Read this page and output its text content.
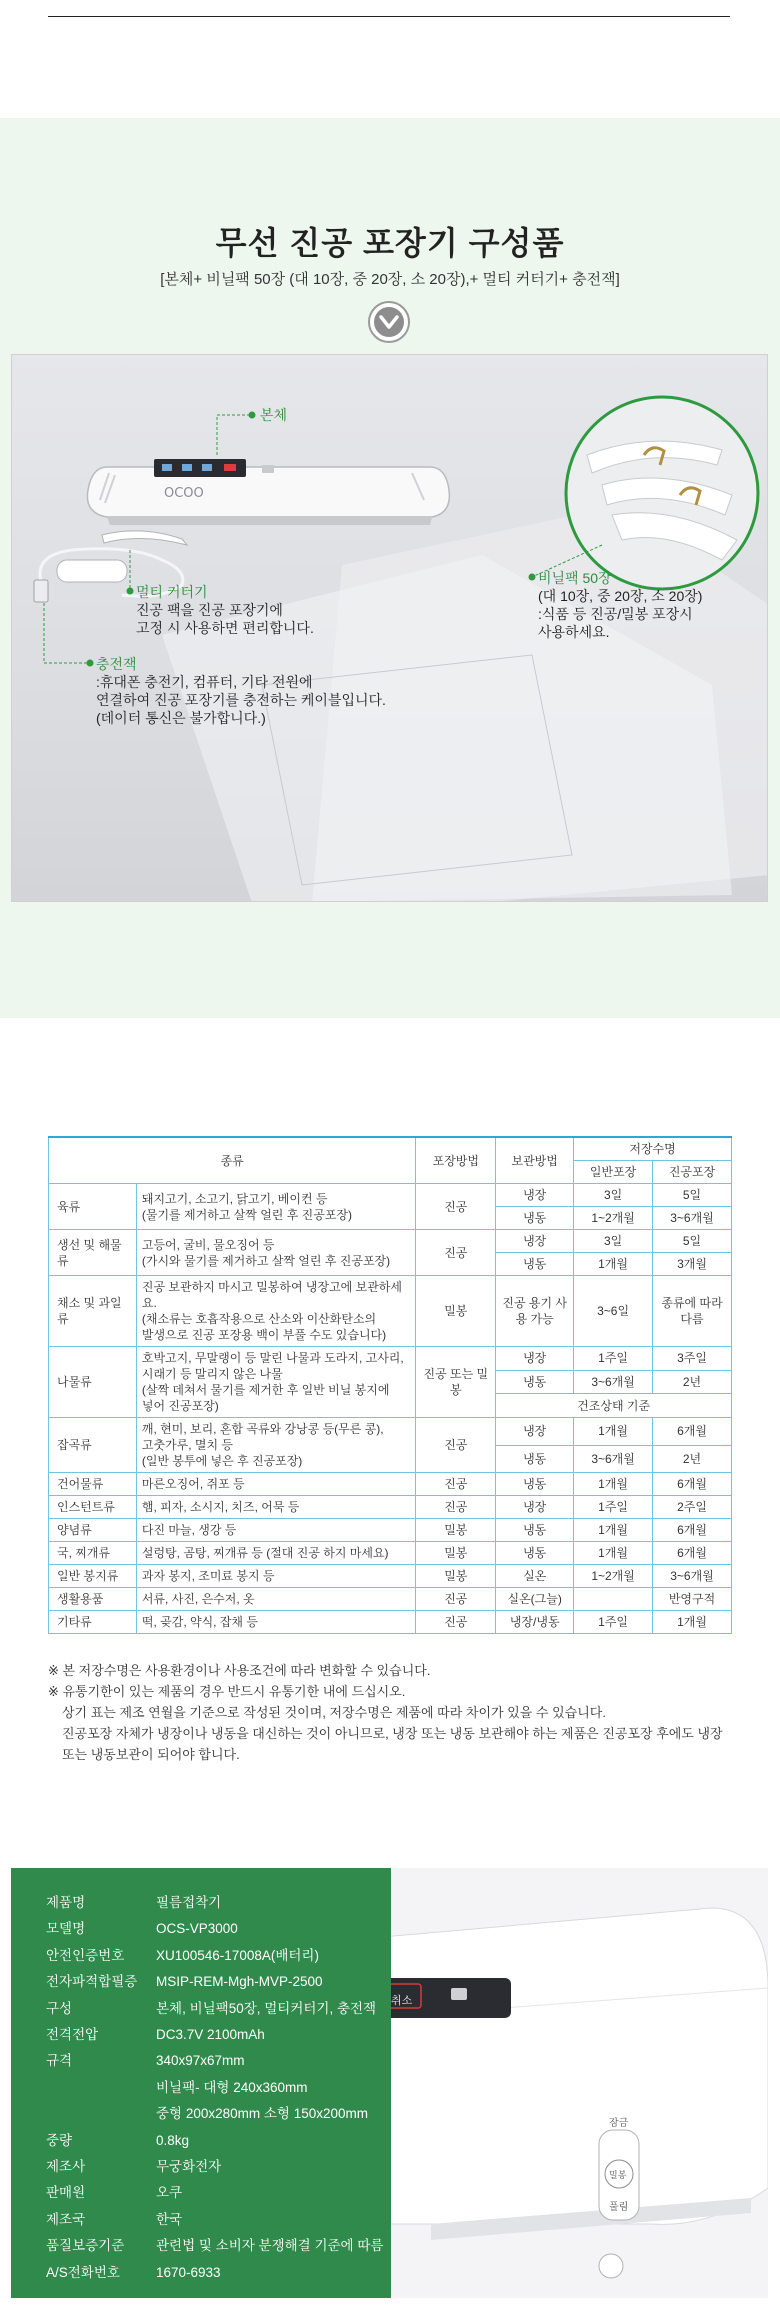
무선 진공 포장기 구성품

[본체+ 비닐팩 50장 (대 10장, 중 20장, 소 20장),+ 멀티 커터기+ 충전잭]

OCOO
본체
멀티 커터기
진공 팩을 진공 포장기에
고정 시 사용하면 편리합니다.
비닐팩 50장
(대 10장, 중 20장, 소 20장)
:식품 등 진공/밀봉 포장시
사용하세요.
충전잭
:휴대폰 충전기, 컴퓨터, 기타 전원에
연결하여 진공 포장기를 충전하는 케이블입니다.
(데이터 통신은 불가합니다.)
종류		포장방법	보관방법	저장수명	
				일반포장	진공포장
육류	돼지고기, 소고기, 닭고기, 베이컨 등
(물기를 제거하고 살짝 얼린 후 진공포장)	진공	냉장	3일	5일
			냉동	1~2개월	3~6개월
생선 및 해물류	고등어, 굴비, 물오징어 등
(가시와 물기를 제거하고 살짝 얼린 후 진공포장)	진공	냉장	3일	5일
			냉동	1개월	3개월
채소 및 과일류	진공 보관하지 마시고 밀봉하여 냉장고에 보관하세요.
(채소류는 호흡작용으로 산소와 이산화탄소의
발생으로 진공 포장용 백이 부풀 수도 있습니다)	밀봉	진공 용기 사용 가능	3~6일	종류에 따라 다름
나물류	호박고지, 무말랭이 등 말린 나물과 도라지, 고사리,
시래기 등 말리지 않은 나물
(살짝 데쳐서 물기를 제거한 후 일반 비닐 봉지에
넣어 진공포장)	진공 또는 밀봉	냉장	1주일	3주일
			냉동	3~6개월	2년
			건조상태 기준		
잡곡류	깨, 현미, 보리, 혼합 곡류와 강낭콩 등(무른 콩),
고춧가루, 멸치 등
(일반 봉투에 넣은 후 진공포장)	진공	냉장	1개월	6개월
			냉동	3~6개월	2년
건어물류	마른오징어, 쥐포 등	진공	냉동	1개월	6개월
인스턴트류	햄, 피자, 소시지, 치즈, 어묵 등	진공	냉장	1주일	2주일
양념류	다진 마늘, 생강 등	밀봉	냉동	1개월	6개월
국, 찌개류	설렁탕, 곰탕, 찌개류 등 (절대 진공 하지 마세요)	밀봉	냉동	1개월	6개월
일반 봉지류	과자 봉지, 조미료 봉지 등	밀봉	실온	1~2개월	3~6개월
생활용품	서류, 사진, 은수저, 옷	진공	실온(그늘)		반영구적
기타류	떡, 곶감, 약식, 잡채 등	진공	냉장/냉동	1주일	1개월
※ 본 저장수명은 사용환경이나 사용조건에 따라 변화할 수 있습니다.
※ 유통기한이 있는 제품의 경우 반드시 유통기한 내에 드십시오.
상기 표는 제조 연월을 기준으로 작성된 것이며, 저장수명은 제품에 따라 차이가 있을 수 있습니다.
진공포장 자체가 냉장이나 냉동을 대신하는 것이 아니므로, 냉장 또는 냉동 보관해야 하는 제품은 진공포장 후에도 냉장
또는 냉동보관이 되어야 합니다.
취소
잠금
밀봉
풀림
제품명	필름접착기
모델명	OCS-VP3000
안전인증번호	XU100546-17008A(배터리)
전자파적합필증	MSIP-REM-Mgh-MVP-2500
구성	본체, 비닐팩50장, 멀티커터기, 충전잭
전격전압	DC3.7V 2100mAh
규격	340x97x67mm
비닐팩- 대형 240x360mm
중형 200x280mm 소형 150x200mm
중량	0.8kg
제조사	무궁화전자
판매원	오쿠
제조국	한국
품질보증기준	관련법 및 소비자 분쟁해결 기준에 따름
A/S전화번호	1670-6933
